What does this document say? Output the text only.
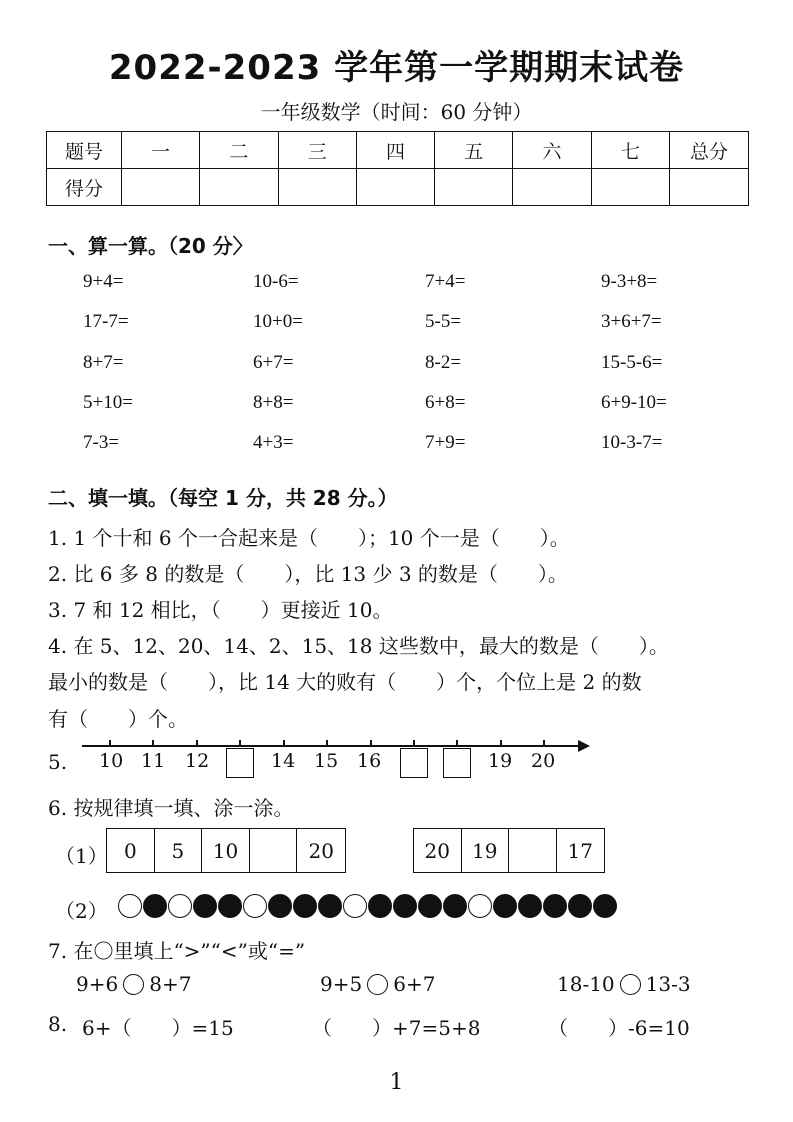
2022-2023 学年第一学期期末试卷
一年级数学（时间：60 分钟）
题号	一	二	三	四	五	六	七	总分
得分								
一、算一算。（20 分〉
9+4=	10-6=	7+4=	9-3+8=
17-7=	10+0=	5-5=	3+6+7=
8+7=	6+7=	8-2=	15-5-6=
5+10=	8+8=	6+8=	6+9-10=
7-3=	4+3=	7+9=	10-3-7=
二、填一填。（每空 1 分，共 28 分。）
1. 1 个十和 6 个一合起来是（　　）；10 个一是（　　）。
2. 比 6 多 8 的数是（　　），比 13 少 3 的数是（　　）。
3. 7 和 12 相比，（　　）更接近 10。
4. 在 5、12、20、14、2、15、18 这些数中，最大的数是（　　）。
最小的数是（　　），比 14 大的败有（　　）个，个位上是 2 的数
有（　　）个。
5. 10 11 12	14 15 16	19 20
6. 按规律填一填、涂一涂。
（1） 0	5	10	20	20	19	17
（2）
7. 在〇里填上“>”“<”或“=”
9+6 8+7	9+5 6+7	18-10 13-3
8. 6+（　　）=15	（　　）+7=5+8	（　　）-6=10
1
